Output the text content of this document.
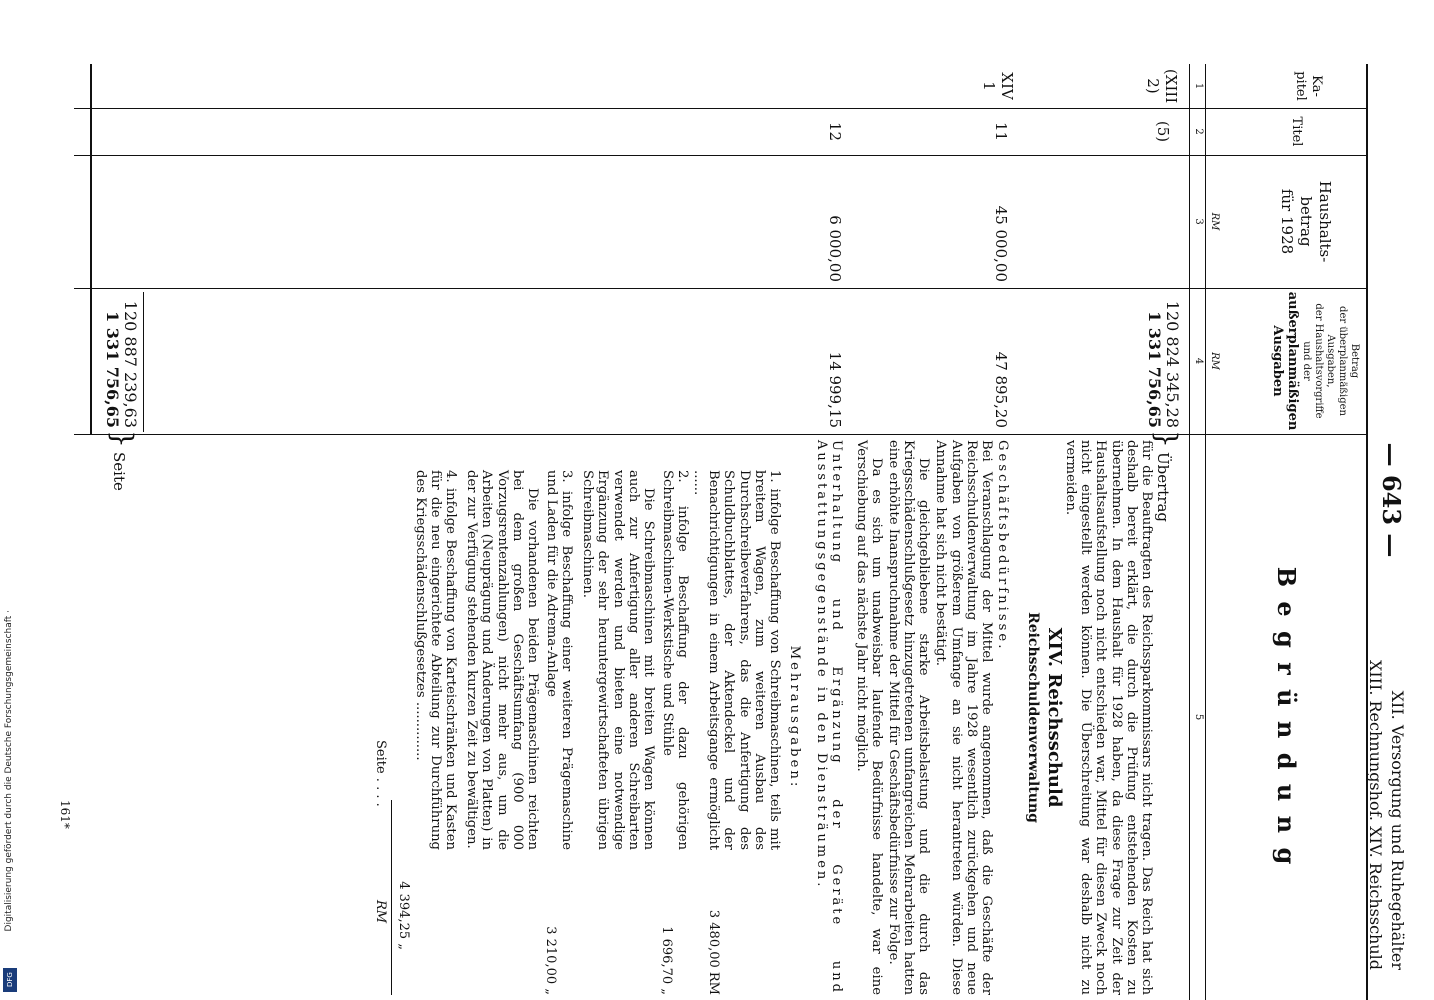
Digitalisierung gefördert durch die Deutsche Forschungsgemeinschaft ·
DFG
— 643 —
XII. Versorgung und Ruhegehälter
XIII. Rechnungshof. XIV. Reichsschuld
Ka-
pitel
Titel
Haushalts-
betrag
für 1928
RM
Betrag
der überplanmäßigen
Ausgaben,
der Haushaltsvorgriffe
und der
außerplanmäßigen
Ausgaben
RM
B e g r ü n d u n g
1
2
3
4
5
(XIII
2)
(5)
120 824 345,28
1 331 756,65
}
Übertrag
für die Beauftragten des Reichssparkommissars nicht tragen. Das Reich hat sich deshalb bereit erklärt, die durch die Prüfung entstehenden Kosten zu übernehmen. In dem Haushalt für 1928 haben, da diese Frage zur Zeit der Haushaltsaufstellung noch nicht entschieden war, Mittel für diesen Zweck noch nicht eingestellt werden können. Die Überschreitung war deshalb nicht zu vermeiden.
XIV. Reichsschuld
Reichsschuldenverwaltung
XIV
1
11
45 000,00
47 895,20
Geschäftsbedürfnisse.
Bei Veranschlagung der Mittel wurde angenommen, daß die Geschäfte der Reichsschuldenverwaltung im Jahre 1928 wesentlich zurückgehen und neue Aufgaben von größerem Umfange an sie nicht herantreten würden. Diese Annahme hat sich nicht bestätigt.
Die gleichgebliebene starke Arbeitsbelastung und die durch das Kriegsschädenschlußgesetz hinzugetretenen umfangreichen Mehrarbeiten hatten eine erhöhte Inanspruchnahme der Mittel für Geschäftsbedürfnisse zur Folge.
Da es sich um unabweisbar laufende Bedürfnisse handelte, war eine Verschiebung auf das nächste Jahr nicht möglich.
12
6 000,00
14 999,15
Unterhaltung und Ergänzung der Geräte und Ausstattungsgegenstände in den Diensträumen.
Mehrausgaben:
1. infolge Beschaffung von Schreibmaschinen, teils mit breitem Wagen, zum weiteren Ausbau des Durchschreibeverfahrens, das die Anfertigung des Schuldbuchblattes, der Aktendeckel und der Benachrichtigungen in einem Arbeitsgange ermöglicht ......
3 480,00 RM
2. infolge Beschaffung der dazu gehörigen Schreibmaschinen-Werkstische und Stühle
1 696,70 „
Die Schreibmaschinen mit breiten Wagen können auch zur Anfertigung aller anderen Schreibarten verwendet werden und bieten eine notwendige Ergänzung der sehr heruntergewirtschafteten übrigen Schreibmaschinen.
3. infolge Beschaffung einer weiteren Prägemaschine und Laden für die Adrema-Anlage
3 210,00 „
Die vorhandenen beiden Prägemaschinen reichten bei dem großen Geschäftsumfang (900 000 Vorzugsrentenzahlungen) nicht mehr aus, um die Arbeiten (Neuprägung und Änderungen von Platten) in der zur Verfügung stehenden kurzen Zeit zu bewältigen.
4. infolge Beschaffung von Karteischränken und Kasten für die neu eingerichtete Abteilung zur Durchführung des Kriegsschädenschlußgesetzes ..............
4 394,25 „
Seite . . . .
RM
120 887 239,63
1 331 756,65
}
Seite
161*
